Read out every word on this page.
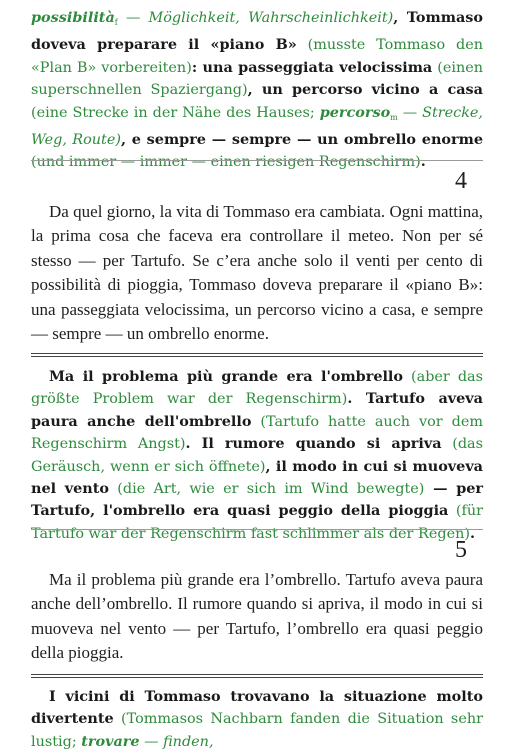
possibilità$_f$ — Möglichkeit, Wahrscheinlichkeit), Tommaso doveva preparare il «piano B» (musste Tommaso den «Plan B» vorbereiten): una passeggiata velocissima (einen superschnellen Spaziergang), un percorso vicino a casa (eine Strecke in der Nähe des Hauses; percorso$_m$ — Strecke, Weg, Route), e sempre — sempre — un ombrello enorme (und immer — immer — einen riesigen Regenschirm).

4

Da quel giorno, la vita di Tommaso era cambiata. Ogni mattina, la prima cosa che faceva era controllare il meteo. Non per sé stesso — per Tartufo. Se c’era anche solo il venti per cento di possibilità di pioggia, Tommaso doveva preparare il «piano B»: una passeggiata velocissima, un percorso vicino a casa, e sempre — sempre — un ombrello enorme.

Ma il problema più grande era l'ombrello (aber das größte Problem war der Regenschirm). Tartufo aveva paura anche dell'ombrello (Tartufo hatte auch vor dem Regenschirm Angst). Il rumore quando si apriva (das Geräusch, wenn er sich öffnete), il modo in cui si muoveva nel vento (die Art, wie er sich im Wind bewegte) — per Tartufo, l'ombrello era quasi peggio della pioggia (für Tartufo war der Regenschirm fast schlimmer als der Regen).

5

Ma il problema più grande era l’ombrello. Tartufo aveva paura anche dell’ombrello. Il rumore quando si apriva, il modo in cui si muoveva nel vento — per Tartufo, l’ombrello era quasi peggio della pioggia.

I vicini di Tommaso trovavano la situazione molto divertente (Tommasos Nachbarn fanden die Situation sehr lustig; trovare — finden,
